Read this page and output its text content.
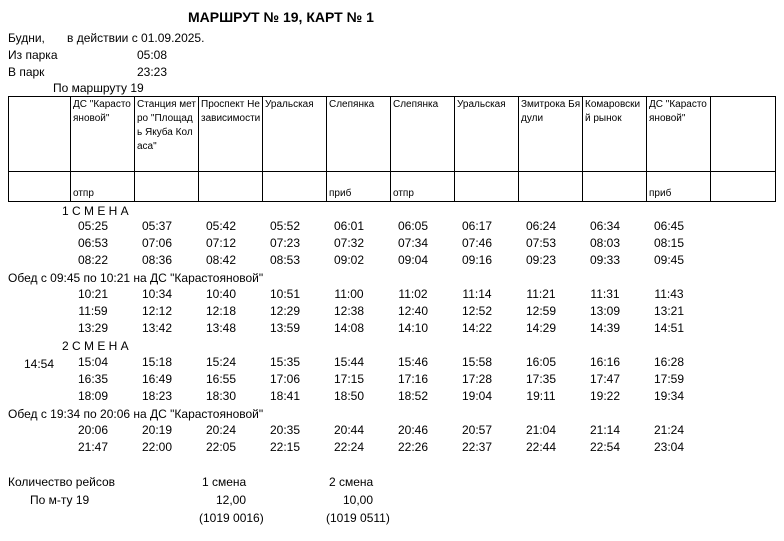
МАРШРУТ № 19, КАРТ № 1
Будни, в действии с 01.09.2025.
Из парка	05:08
В парк	23:23
По маршруту 19
	ДС "Карастояновой"	Станция метро "Площадь Якуба Коласа"	Проспект Независимости	Уральская	Слепянка	Слепянка	Уральская	Змитрока Бядули	Комаровский рынок	ДС "Карастояновой"	
	отпр				приб	отпр				приб	
1 С М Е Н А
Обед с 09:45 по 10:21 на ДС "Карастояновой"
2 С М Е Н А
14:54
Обед с 19:34 по 20:06 на ДС "Карастояновой"
Количество рейсов	1 смена	2 смена
По м-ту 19	12,00	10,00
(1019 0016)	(1019 0511)
05:25	05:37	05:42	05:52	06:01	06:05	06:17	06:24	06:34	06:45
06:53	07:06	07:12	07:23	07:32	07:34	07:46	07:53	08:03	08:15
08:22	08:36	08:42	08:53	09:02	09:04	09:16	09:23	09:33	09:45
10:21	10:34	10:40	10:51	11:00	11:02	11:14	11:21	11:31	11:43
11:59	12:12	12:18	12:29	12:38	12:40	12:52	12:59	13:09	13:21
13:29	13:42	13:48	13:59	14:08	14:10	14:22	14:29	14:39	14:51
15:04	15:18	15:24	15:35	15:44	15:46	15:58	16:05	16:16	16:28
16:35	16:49	16:55	17:06	17:15	17:16	17:28	17:35	17:47	17:59
18:09	18:23	18:30	18:41	18:50	18:52	19:04	19:11	19:22	19:34
20:06	20:19	20:24	20:35	20:44	20:46	20:57	21:04	21:14	21:24
21:47	22:00	22:05	22:15	22:24	22:26	22:37	22:44	22:54	23:04
